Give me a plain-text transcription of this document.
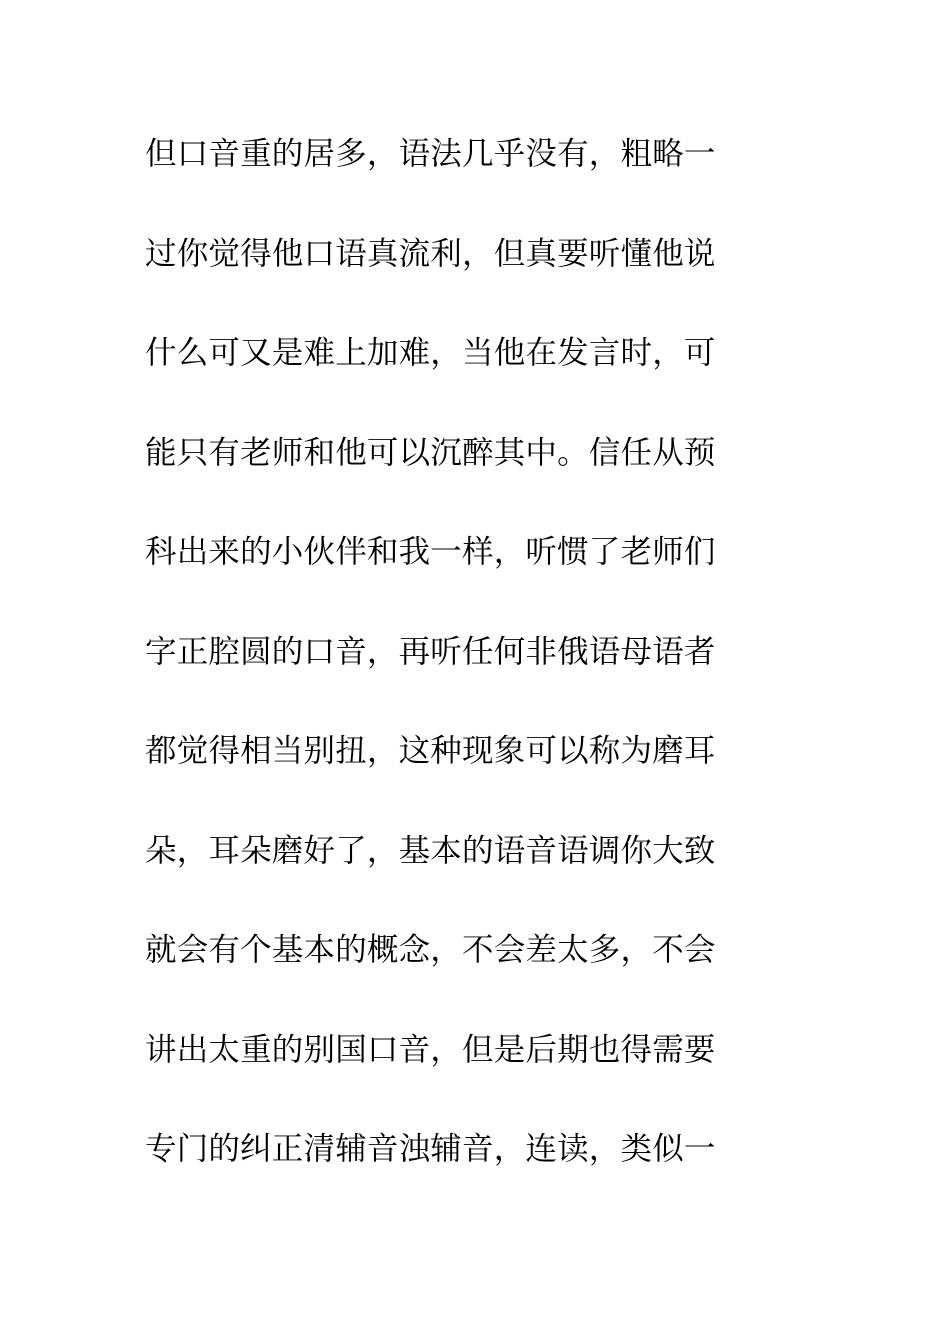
但口音重的居多，语法几乎没有，粗略一
过你觉得他口语真流利，但真要听懂他说
什么可又是难上加难，当他在发言时，可
能只有老师和他可以沉醉其中。信任从预
科出来的小伙伴和我一样，听惯了老师们
字正腔圆的口音，再听任何非俄语母语者
都觉得相当别扭，这种现象可以称为磨耳
朵，耳朵磨好了，基本的语音语调你大致
就会有个基本的概念，不会差太多，不会
讲出太重的别国口音，但是后期也得需要
专门的纠正清辅音浊辅音，连读，类似一
